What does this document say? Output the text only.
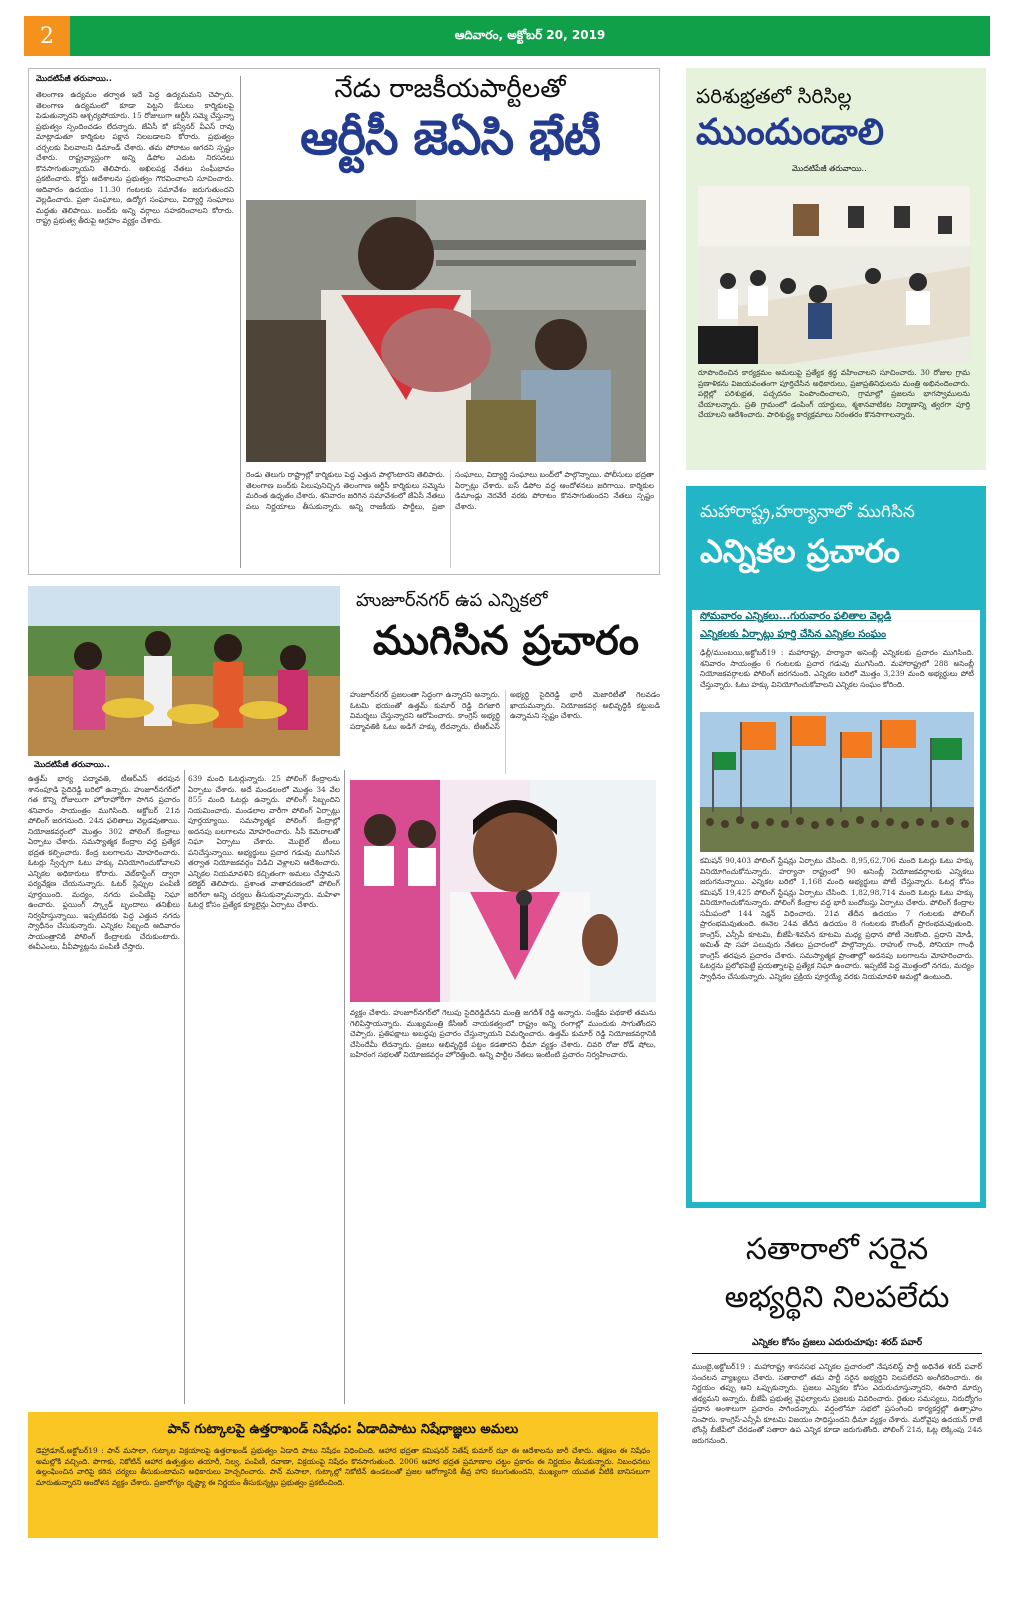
2	ఆదివారం, అక్టోబర్ 20, 2019
మొదటిపేజీ తరువాయి..
తెలంగాణ ఉద్యమం తర్వాత ఇదే పెద్ద ఉద్యమమని చెప్పారు. తెలంగాణ ఉద్యమంలో కూడా పెట్టని కేసులు కార్మికులపై పెడుతున్నారని ఆశ్చర్యపోయారు. 15 రోజులుగా ఆర్టీసీ సమ్మె చేస్తున్నా ప్రభుత్వం స్పందించడం లేదన్నారు. జేఏసీ కో కన్వీనర్ వీఎస్ రావు మాట్లాడుతూ కార్మికుల పక్షాన నిలబడాలని కోరారు. ప్రభుత్వం చర్చలకు పిలవాలని డిమాండ్ చేశారు. తమ పోరాటం ఆగదని స్పష్టం చేశారు. రాష్ట్రవ్యాప్తంగా అన్ని డిపోల ఎదుట నిరసనలు కొనసాగుతున్నాయని తెలిపారు. అఖిలపక్ష నేతలు సంఘీభావం ప్రకటించారు. కోర్టు ఆదేశాలను ప్రభుత్వం గౌరవించాలని సూచించారు. ఆదివారం ఉదయం 11.30 గంటలకు సమావేశం జరుగుతుందని వెల్లడించారు. ప్రజా సంఘాలు, ఉద్యోగ సంఘాలు, విద్యార్థి సంఘాలు మద్దతు తెలిపాయి. బంద్‌కు అన్ని వర్గాలు సహకరించాలని కోరారు. రాష్ట్ర ప్రభుత్వ తీరుపై ఆగ్రహం వ్యక్తం చేశారు.
నేడు రాజకీయపార్టీలతో
ఆర్టీసీ జెఏసి భేటీ
రెండు తెలుగు రాష్ట్రాల్లో కార్మికులు పెద్ద ఎత్తున పాల్గొంటారని తెలిపారు. తెలంగాణ బంద్‌కు పిలుపునిచ్చిన తెలంగాణ ఆర్టీసీ కార్మికులు సమ్మెను మరింత ఉధృతం చేశారు. శనివారం జరిగిన సమావేశంలో జేఏసీ నేతలు పలు నిర్ణయాలు తీసుకున్నారు. అన్ని రాజకీయ పార్టీలు, ప్రజా సంఘాలు, విద్యార్థి సంఘాలు బంద్‌లో పాల్గొన్నాయి. పోలీసులు భద్రతా ఏర్పాట్లు చేశారు. బస్ డిపోల వద్ద ఆందోళనలు జరిగాయి. కార్మికుల డిమాండ్లు నెరవేరే వరకు పోరాటం కొనసాగుతుందని నేతలు స్పష్టం చేశారు.
పరిశుభ్రతలో సిరిసిల్ల
ముందుండాలి
మొదటిపేజీ తరువాయి..
రూపొందించిన కార్యక్రమం అమలుపై ప్రత్యేక శ్రద్ధ వహించాలని సూచించారు. 30 రోజుల గ్రామ ప్రణాళికను విజయవంతంగా పూర్తిచేసిన అధికారులు, ప్రజాప్రతినిధులను మంత్రి అభినందించారు. పల్లెల్లో పరిశుభ్రత, పచ్చదనం పెంపొందించాలని, గ్రామాల్లో ప్రజలను భాగస్వాములను చేయాలన్నారు. ప్రతి గ్రామంలో డంపింగ్ యార్డులు, శ్మశానవాటికల నిర్మాణాన్ని త్వరగా పూర్తి చేయాలని ఆదేశించారు. పారిశుద్ధ్య కార్యక్రమాలు నిరంతరం కొనసాగాలన్నారు.
మహారాష్ట్ర,హర్యానాలో ముగిసిన
ఎన్నికల ప్రచారం
సోమవారం ఎన్నికలు...గురువారం ఫలితాల వెల్లడి
ఎన్నికలకు ఏర్పాట్లు పూర్తి చేసిన ఎన్నికల సంఘం
ఢిల్లీ/ముంబయి,అక్టోబర్19 : మహారాష్ట్ర, హర్యానా అసెంబ్లీ ఎన్నికలకు ప్రచారం ముగిసింది. శనివారం సాయంత్రం 6 గంటలకు ప్రచార గడువు ముగిసింది. మహారాష్ట్రలో 288 అసెంబ్లీ నియోజకవర్గాలకు పోలింగ్ జరగనుంది. ఎన్నికల బరిలో మొత్తం 3,239 మంది అభ్యర్థులు పోటీ చేస్తున్నారు. ఓటు హక్కు వినియోగించుకోవాలని ఎన్నికల సంఘం కోరింది.
కమిషన్ 90,403 పోలింగ్ స్టేషన్లు ఏర్పాటు చేసింది. 8,95,62,706 మంది ఓటర్లు ఓటు హక్కు వినియోగించుకోనున్నారు. హర్యానా రాష్ట్రంలో 90 అసెంబ్లీ నియోజకవర్గాలకు ఎన్నికలు జరుగనున్నాయి. ఎన్నికల బరిలో 1,168 మంది అభ్యర్థులు పోటీ చేస్తున్నారు. ఓటర్ల కోసం కమిషన్ 19,425 పోలింగ్ స్టేషన్లు ఏర్పాటు చేసింది. 1,82,98,714 మంది ఓటర్లు ఓటు హక్కు వినియోగించుకోనున్నారు. పోలింగ్ కేంద్రాల వద్ద భారీ బందోబస్తు ఏర్పాటు చేశారు. పోలింగ్ కేంద్రాల సమీపంలో 144 సెక్షన్ విధించారు. 21వ తేదీన ఉదయం 7 గంటలకు పోలింగ్ ప్రారంభమవుతుంది. ఈనెల 24వ తేదీన ఉదయం 8 గంటలకు కౌంటింగ్ ప్రారంభమవుతుంది. కాంగ్రెస్, ఎన్సీపీ కూటమి, బీజేపీ-శివసేన కూటమి మధ్య ప్రధాన పోటీ నెలకొంది. ప్రధాని మోడీ, అమిత్ షా సహా పలువురు నేతలు ప్రచారంలో పాల్గొన్నారు. రాహుల్ గాంధీ, సోనియా గాంధీ కాంగ్రెస్ తరఫున ప్రచారం చేశారు. సమస్యాత్మక ప్రాంతాల్లో అదనపు బలగాలను మోహరించారు. ఓటర్లను ప్రలోభపెట్టే ప్రయత్నాలపై ప్రత్యేక నిఘా ఉంచారు. ఇప్పటికే పెద్ద మొత్తంలో నగదు, మద్యం స్వాధీనం చేసుకున్నారు. ఎన్నికల ప్రక్రియ పూర్తయ్యే వరకు నియమావళి అమల్లో ఉంటుంది.
మొదటిపేజీ తరువాయి..
హుజూర్‌నగర్ ఉప ఎన్నికలో
ముగిసిన ప్రచారం
హుజూర్‌నగర్ ప్రజలంతా సిద్ధంగా ఉన్నారని అన్నారు. ఓటమి భయంతో ఉత్తమ్ కుమార్ రెడ్డి దిగజారి విమర్శలు చేస్తున్నారని ఆరోపించారు. కాంగ్రెస్ అభ్యర్థి పద్మావతికి ఓటు అడిగే హక్కు లేదన్నారు. టీఆర్‌ఎస్ అభ్యర్థి సైదిరెడ్డి భారీ మెజారిటీతో గెలవడం ఖాయమన్నారు. నియోజకవర్గ అభివృద్ధికి కట్టుబడి ఉన్నామని స్పష్టం చేశారు.
ఉత్తమ్ భార్య పద్మావతి, టీఆర్‌ఎస్ తరపున శానంపూడి సైదిరెడ్డి బరిలో ఉన్నారు. హుజూర్‌నగర్‌లో గత కొన్ని రోజులుగా హోరాహోరీగా సాగిన ప్రచారం శనివారం సాయంత్రం ముగిసింది. అక్టోబర్ 21న పోలింగ్ జరగనుంది. 24న ఫలితాలు వెల్లడవుతాయి. నియోజకవర్గంలో మొత్తం 302 పోలింగ్ కేంద్రాలు ఏర్పాటు చేశారు. సమస్యాత్మక కేంద్రాల వద్ద ప్రత్యేక భద్రత కల్పించారు. కేంద్ర బలగాలను మోహరించారు. ఓటర్లు స్వేచ్ఛగా ఓటు హక్కు వినియోగించుకోవాలని ఎన్నికల అధికారులు కోరారు. వెబ్‌కాస్టింగ్ ద్వారా పర్యవేక్షణ చేయనున్నారు. ఓటర్ స్లిప్పుల పంపిణీ పూర్తయింది. మద్యం, నగదు పంపిణీపై నిఘా ఉంచారు. ఫ్లయింగ్ స్క్వాడ్ బృందాలు తనిఖీలు నిర్వహిస్తున్నాయి. ఇప్పటివరకు పెద్ద ఎత్తున నగదు స్వాధీనం చేసుకున్నారు. ఎన్నికల సిబ్బంది ఆదివారం సాయంత్రానికి పోలింగ్ కేంద్రాలకు చేరుకుంటారు. ఈవీఎంలు, వీవీప్యాట్లను పంపిణీ చేస్తారు.
639 మంది ఓటర్లున్నారు. 25 పోలింగ్ కేంద్రాలను ఏర్పాటు చేశారు. అదే మండలంలో మొత్తం 34 వేల 855 మంది ఓటర్లు ఉన్నారు. పోలింగ్ సిబ్బందిని నియమించారు. మండలాల వారీగా పోలింగ్ ఏర్పాట్లు పూర్తయ్యాయి. సమస్యాత్మక పోలింగ్ కేంద్రాల్లో అదనపు బలగాలను మోహరించారు. సీసీ కెమెరాలతో నిఘా ఏర్పాటు చేశారు. మొబైల్ టీంలు పనిచేస్తున్నాయి. అభ్యర్థులు ప్రచార గడువు ముగిసిన తర్వాత నియోజకవర్గం విడిచి వెళ్లాలని ఆదేశించారు. ఎన్నికల నియమావళిని కచ్చితంగా అమలు చేస్తామని కలెక్టర్ తెలిపారు. ప్రశాంత వాతావరణంలో పోలింగ్ జరిగేలా అన్ని చర్యలు తీసుకున్నామన్నారు. మహిళా ఓటర్ల కోసం ప్రత్యేక క్యూలైన్లు ఏర్పాటు చేశారు.
వ్యక్తం చేశారు. హుజూర్‌నగర్‌లో గెలుపు సైదిరెడ్డిదేనని మంత్రి జగదీశ్ రెడ్డి అన్నారు. సంక్షేమ పథకాలే తమను గెలిపిస్తాయన్నారు. ముఖ్యమంత్రి కేసీఆర్ నాయకత్వంలో రాష్ట్రం అన్ని రంగాల్లో ముందుకు సాగుతోందని చెప్పారు. ప్రతిపక్షాలు అబద్ధపు ప్రచారం చేస్తున్నాయని విమర్శించారు. ఉత్తమ్ కుమార్ రెడ్డి నియోజకవర్గానికి చేసిందేమీ లేదన్నారు. ప్రజలు అభివృద్ధికే పట్టం కడతారని ధీమా వ్యక్తం చేశారు. చివరి రోజు రోడ్ షోలు, బహిరంగ సభలతో నియోజకవర్గం హోరెత్తింది. అన్ని పార్టీల నేతలు ఇంటింటి ప్రచారం నిర్వహించారు.
సతారాలో సరైన
అభ్యర్థిని నిలపలేదు
ఎన్నికల కోసం ప్రజలు ఎదురుచూపు: శరద్ పవార్
ముంబై,అక్టోబర్19 : మహారాష్ట్ర శాసనసభ ఎన్నికల ప్రచారంలో నేషనలిస్ట్ పార్టీ అధినేత శరద్ పవార్ సంచలన వ్యాఖ్యలు చేశారు. సతారాలో తమ పార్టీ సరైన అభ్యర్థిని నిలపలేదని అంగీకరించారు. ఈ నిర్ణయం తప్పు అని ఒప్పుకున్నారు. ప్రజలు ఎన్నికల కోసం ఎదురుచూస్తున్నారని, ఈసారి మార్పు తథ్యమని అన్నారు. బీజేపీ ప్రభుత్వ వైఫల్యాలను ప్రజలకు వివరించారు. రైతుల సమస్యలు, నిరుద్యోగం ప్రధాన అంశాలుగా ప్రచారం సాగిందన్నారు. వర్షంలోనూ సభలో ప్రసంగించి కార్యకర్తల్లో ఉత్సాహం నింపారు. కాంగ్రెస్-ఎన్సీపీ కూటమి విజయం సాధిస్తుందని ధీమా వ్యక్తం చేశారు. మరోవైపు ఉదయన్ రాజే భోంస్లే బీజేపీలో చేరడంతో సతారా ఉప ఎన్నిక కూడా జరుగుతోంది. పోలింగ్ 21న, ఓట్ల లెక్కింపు 24న జరుగనుంది.
పాన్ గుట్కాలపై ఉత్తరాఖండ్ నిషేధం: ఏడాదిపాటు నిషేధాజ్ఞలు అమలు
డెహ్రాడూన్,అక్టోబర్19 : పాన్ మసాలా, గుట్కాల విక్రయాలపై ఉత్తరాఖండ్ ప్రభుత్వం ఏడాది పాటు నిషేధం విధించింది. ఆహార భద్రతా కమిషనర్ నితేష్ కుమార్ ఝా ఈ ఆదేశాలను జారీ చేశారు. తక్షణం ఈ నిషేధం అమల్లోకి వచ్చింది. పొగాకు, నికోటిన్ ఆహార ఉత్పత్తుల తయారీ, నిల్వ, పంపిణీ, రవాణా, విక్రయంపై నిషేధం కొనసాగుతుంది. 2006 ఆహార భద్రత ప్రమాణాల చట్టం ప్రకారం ఈ నిర్ణయం తీసుకున్నారు. నిబంధనలు ఉల్లంఘించిన వారిపై కఠిన చర్యలు తీసుకుంటామని అధికారులు హెచ్చరించారు. పాన్ మసాలా, గుట్కాల్లో నికోటిన్ ఉండటంతో ప్రజల ఆరోగ్యానికి తీవ్ర హాని కలుగుతుందని, ముఖ్యంగా యువత వీటికి బానిసలుగా మారుతున్నారని ఆందోళన వ్యక్తం చేశారు. ప్రజారోగ్యం దృష్ట్యా ఈ నిర్ణయం తీసుకున్నట్లు ప్రభుత్వం ప్రకటించింది.
